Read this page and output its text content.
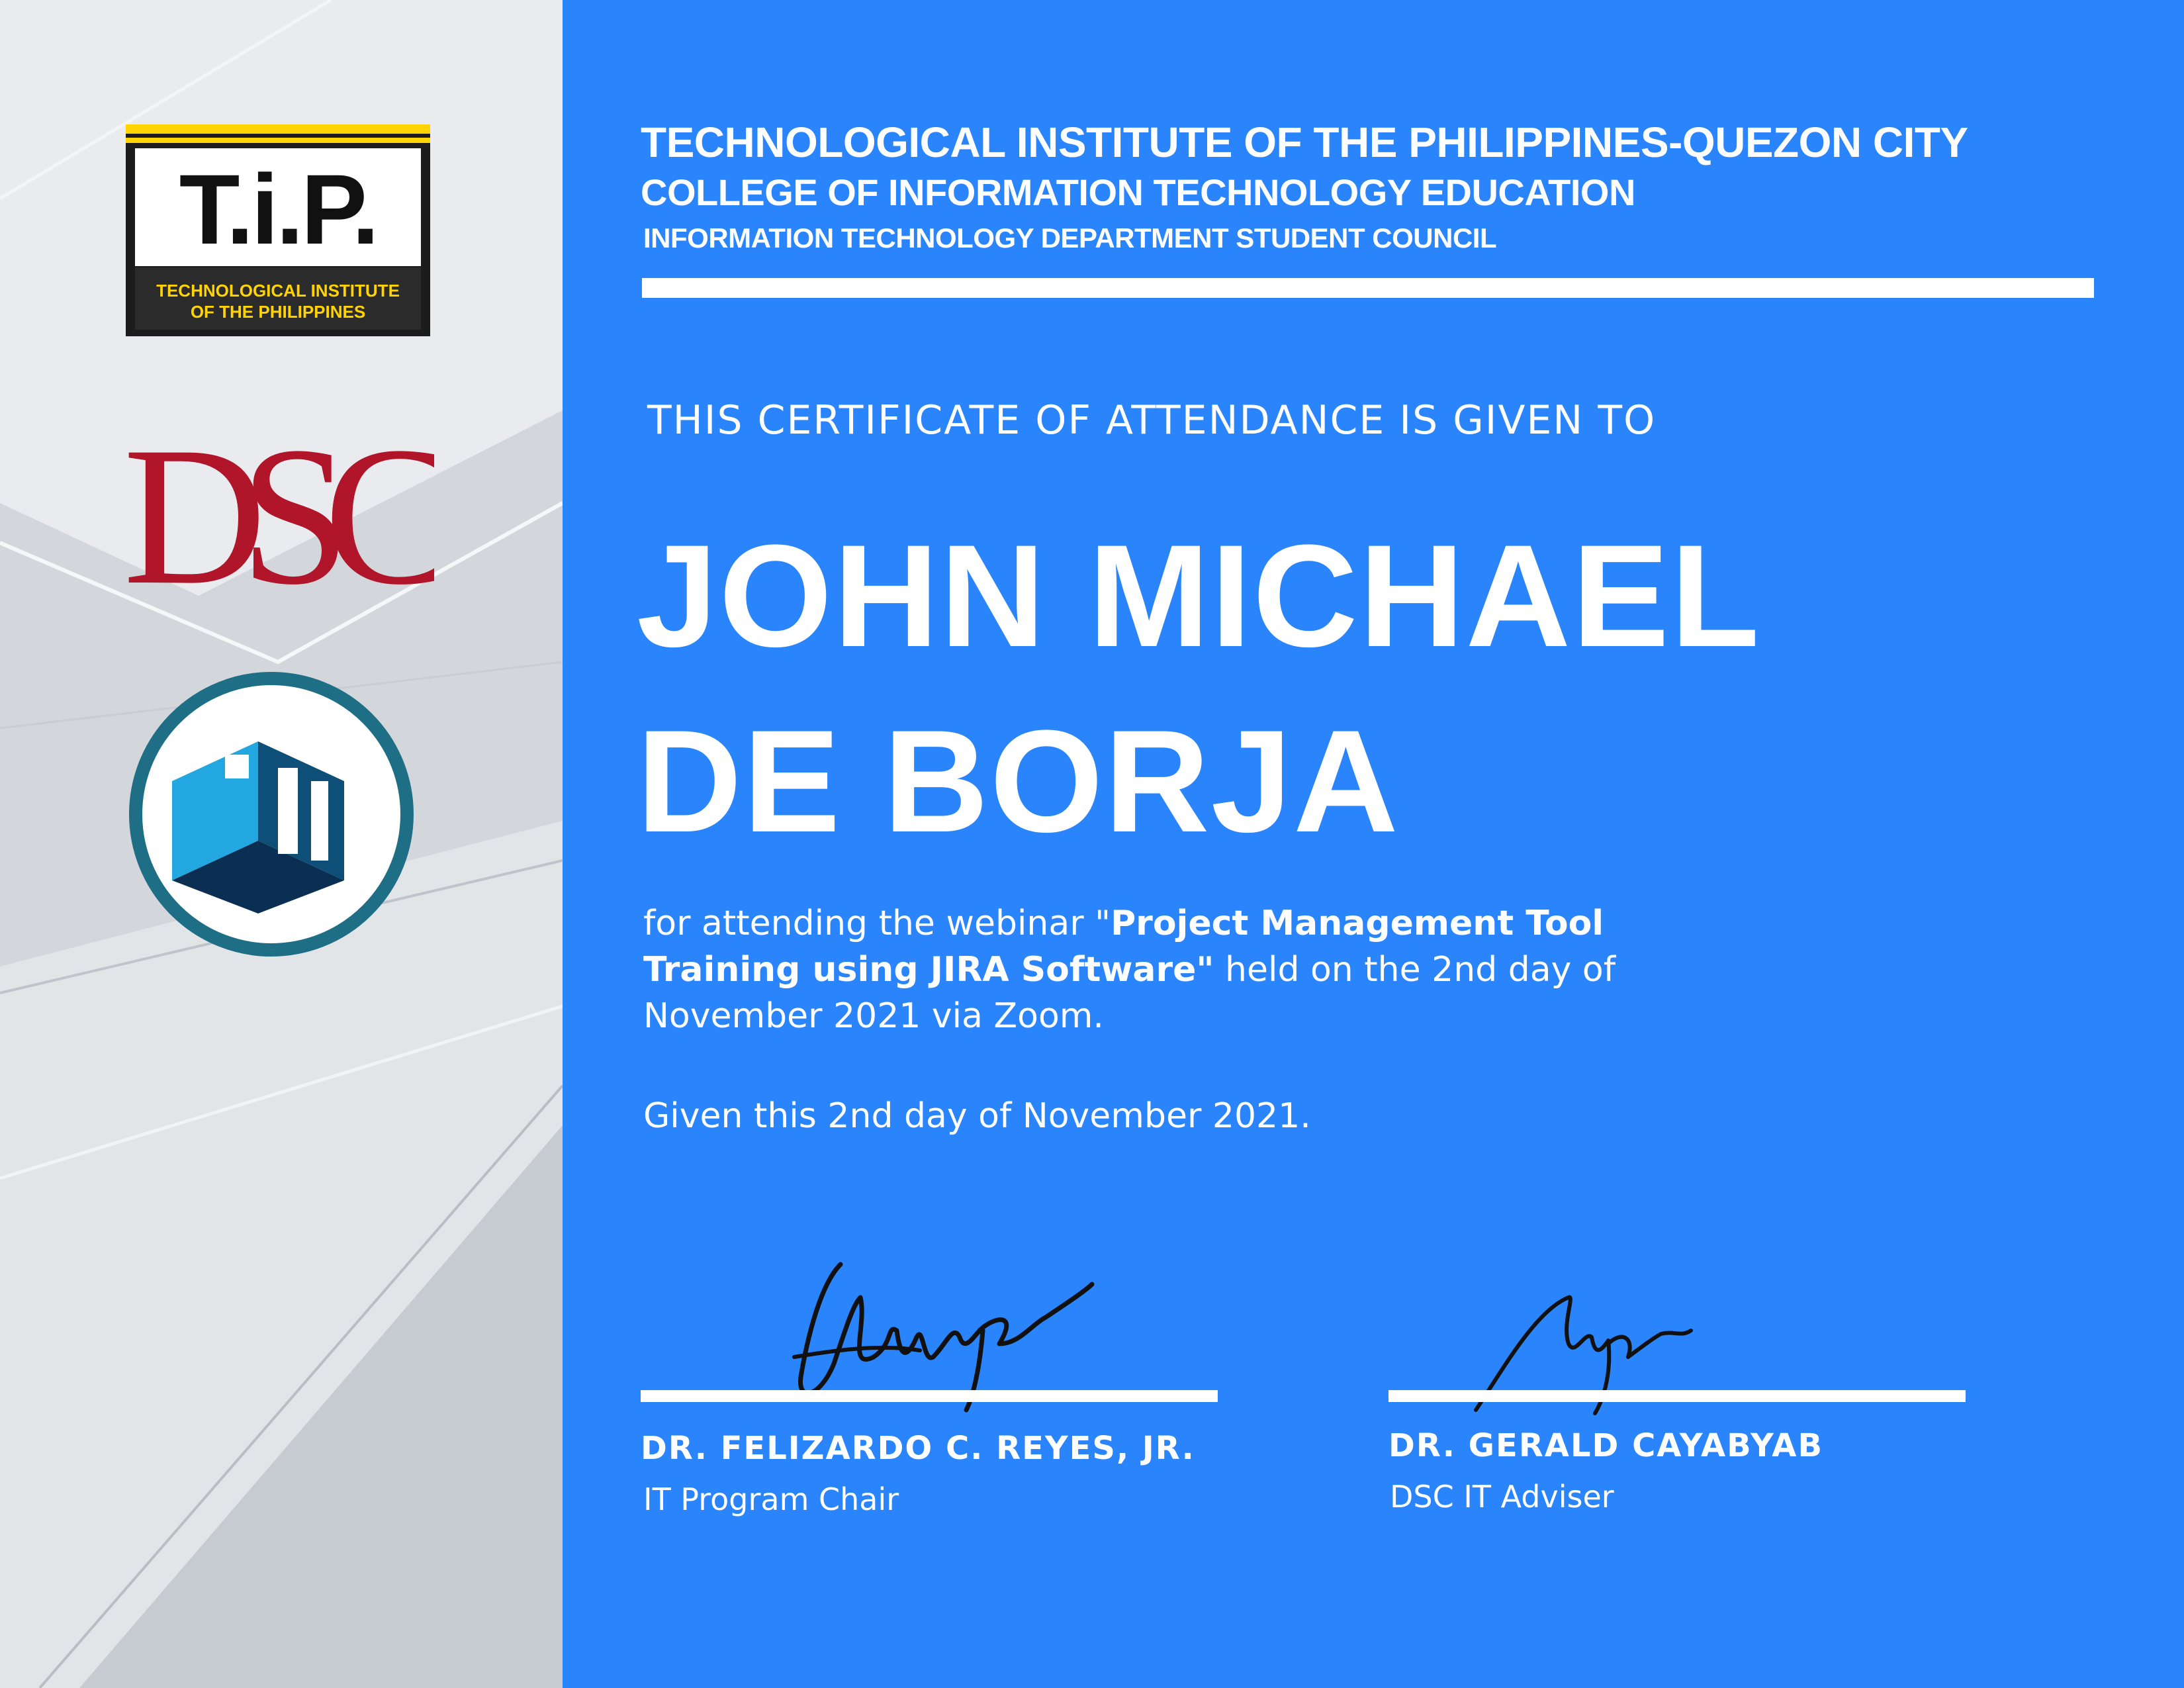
T.i.P.
TECHNOLOGICAL INSTITUTE
OF THE PHILIPPINES
DSC
ITI
TECHNOLOGICAL INSTITUTE OF THE PHILIPPINES-QUEZON CITY
COLLEGE OF INFORMATION TECHNOLOGY EDUCATION
INFORMATION TECHNOLOGY DEPARTMENT STUDENT COUNCIL
THIS CERTIFICATE OF ATTENDANCE IS GIVEN TO
JOHN MICHAEL
DE BORJA
for attending the webinar "Project Management Tool Training using JIRA Software" held on the 2nd day of November 2021 via Zoom.
Given this 2nd day of November 2021.
DR. FELIZARDO C. REYES, JR.
IT Program Chair
DR. GERALD CAYABYAB
DSC IT Adviser
